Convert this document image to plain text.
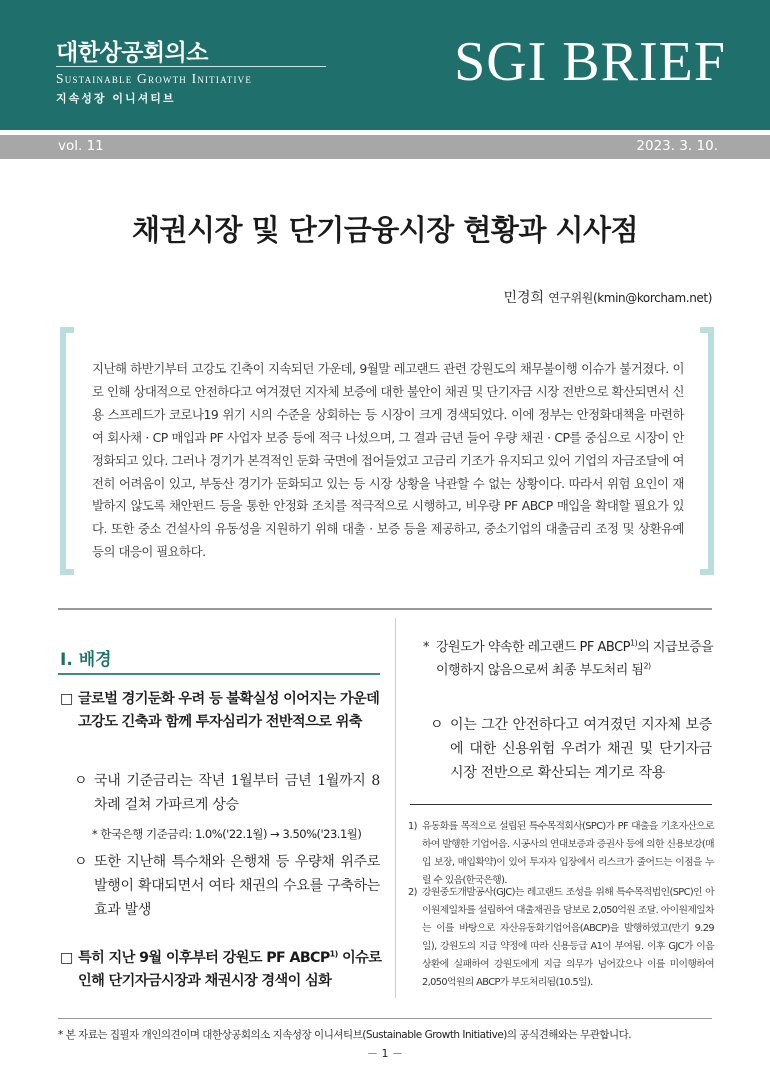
대한상공회의소
Sustainable Growth Initiative
지속성장 이니셔티브
SGI BRIEF
vol. 11	2023. 3. 10.
채권시장 및 단기금융시장 현황과 시사점
민경희 연구위원(kmin@korcham.net)
지난해 하반기부터 고강도 긴축이 지속되던 가운데, 9월말 레고랜드 관련 강원도의 채무불이행 이슈가 불거졌다. 이로 인해 상대적으로 안전하다고 여겨졌던 지자체 보증에 대한 불안이 채권 및 단기자금 시장 전반으로 확산되면서 신용 스프레드가 코로나19 위기 시의 수준을 상회하는 등 시장이 크게 경색되었다. 이에 정부는 안정화대책을 마련하여 회사채 · CP 매입과 PF 사업자 보증 등에 적극 나섰으며, 그 결과 금년 들어 우량 채권 · CP를 중심으로 시장이 안정화되고 있다. 그러나 경기가 본격적인 둔화 국면에 접어들었고 고금리 기조가 유지되고 있어 기업의 자금조달에 여전히 어려움이 있고, 부동산 경기가 둔화되고 있는 등 시장 상황을 낙관할 수 없는 상황이다. 따라서 위험 요인이 재발하지 않도록 채안펀드 등을 통한 안정화 조치를 적극적으로 시행하고, 비우량 PF ABCP 매입을 확대할 필요가 있다. 또한 중소 건설사의 유동성을 지원하기 위해 대출 · 보증 등을 제공하고, 중소기업의 대출금리 조정 및 상환유예 등의 대응이 필요하다.
Ⅰ. 배경
□ 글로벌 경기둔화 우려 등 불확실성 이어지는 가운데 고강도 긴축과 함께 투자심리가 전반적으로 위축
ㅇ 국내 기준금리는 작년 1월부터 금년 1월까지 8차례 걸쳐 가파르게 상승
* 한국은행 기준금리: 1.0%('22.1월) → 3.50%('23.1월)
ㅇ 또한 지난해 특수채와 은행채 등 우량채 위주로 발행이 확대되면서 여타 채권의 수요를 구축하는 효과 발생
□ 특히 지난 9월 이후부터 강원도 PF ABCP$^{1)}$ 이슈로 인해 단기자금시장과 채권시장 경색이 심화
* 강원도가 약속한 레고랜드 PF ABCP$^{1)}$의 지급보증을 이행하지 않음으로써 최종 부도처리 됨$^{2)}$
ㅇ 이는 그간 안전하다고 여겨졌던 지자체 보증에 대한 신용위험 우려가 채권 및 단기자금 시장 전반으로 확산되는 계기로 작용
1) 유동화를 목적으로 설립된 특수목적회사(SPC)가 PF 대출을 기초자산으로 하여 발행한 기업어음. 시공사의 연대보증과 증권사 등에 의한 신용보강(매입 보장, 매입확약)이 있어 투자자 입장에서 리스크가 줄어드는 이점을 누릴 수 있음(한국은행).
2) 강원중도개발공사(GJC)는 레고랜드 조성을 위해 특수목적법인(SPC)인 아이원제일차를 설립하여 대출채권을 담보로 2,050억원 조달. 아이원제일차는 이를 바탕으로 자산유동화기업어음(ABCP)을 발행하였고(만기 9.29일), 강원도의 지급 약정에 따라 신용등급 A1이 부여됨. 이후 GJC가 이음 상환에 실패하여 강원도에게 지급 의무가 넘어갔으나 이를 미이행하여 2,050억원의 ABCP가 부도처리됨(10.5일).
* 본 자료는 집필자 개인의견이며 대한상공회의소 지속성장 이니셔티브(Sustainable Growth Initiative)의 공식견해와는 무관합니다.
－ 1 －
